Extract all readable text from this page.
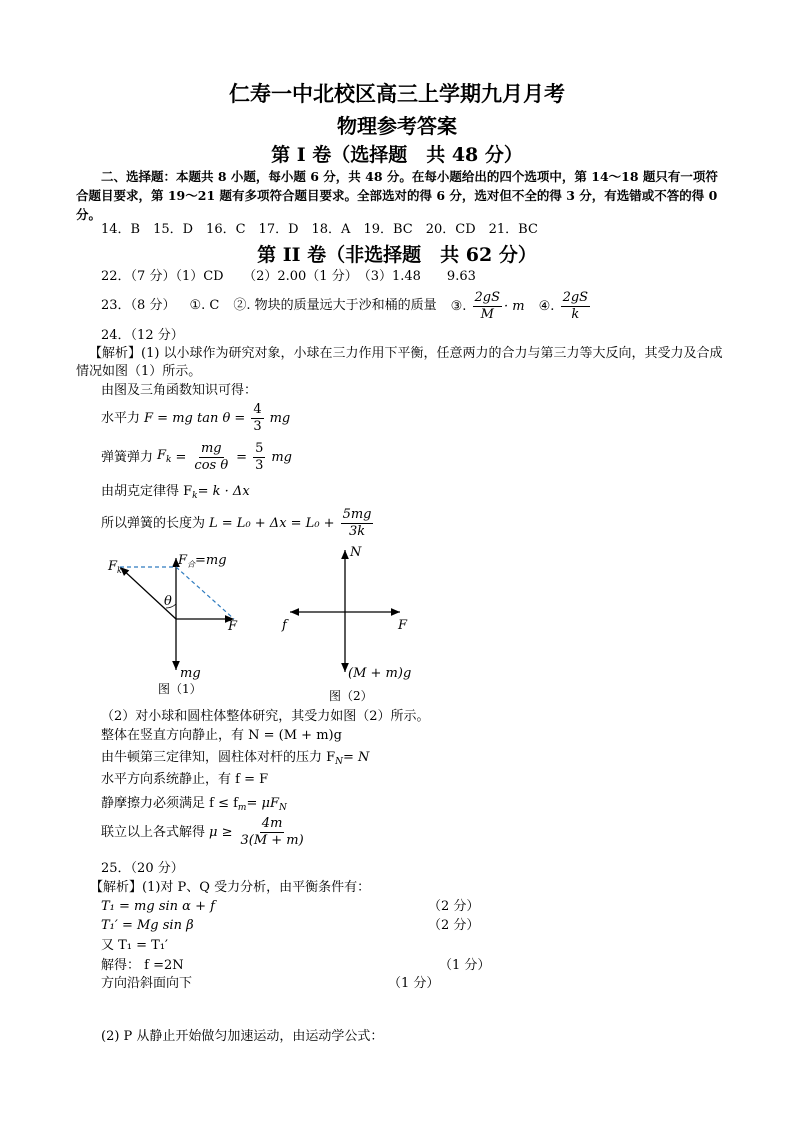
仁寿一中北校区高三上学期九月月考
物理参考答案
第 I 卷（选择题　共 48 分）
二、选择题：本题共 8 小题，每小题 6 分，共 48 分。在每小题给出的四个选项中，第 14～18 题只有一项符合题目要求，第 19～21 题有多项符合题目要求。全部选对的得 6 分，选对但不全的得 3 分，有选错或不答的得 0 分。
14．B　15．D　16．C　17．D　18．A　19．BC　20．CD　21．BC
第 II 卷（非选择题　共 62 分）
22．（7 分）（1）CD　　（2）2.00（1 分）　（3）1.48　　9.63
23．（8 分） ①. C ②. 物块的质量远大于沙和桶的质量 ③. $\frac{2gS}{M} \cdot m$ ④. $\frac{2gS}{k}$
24．（12 分）
【解析】(1) 以小球作为研究对象，小球在三力作用下平衡，任意两力的合力与第三力等大反向，其受力及合成情况如图（1）所示。
由图及三角函数知识可得：
水平力 F = mg $\tan \theta = \frac{4}{3}$ mg
弹簧弹力 $F_k = \frac{mg}{\text{cos θ}} = \frac{5}{3}$ mg
由胡克定律得 $F_k= k \cdot \Delta x$
所以弹簧的长度为 $L = L_0 + \Delta x = L_0 + \frac{5mg}{3k}$
$F_k$
$F_合=mg$
θ
F
mg
图（1）
N
f	F
(M + m)g
图（2）
（2）对小球和圆柱体整体研究，其受力如图（2）所示。
整体在竖直方向静止，有 N = (M + m)g
由牛顿第三定律知，圆柱体对杆的压力 $F_N= N$
水平方向系统静止，有 f = F
静摩擦力必须满足 $f \le f_m= \mu F_N$
联立以上各式解得 $\mu \ge \frac{4m}{3(M + m)}$
25．（20 分）
【解析】(1)对 P、Q 受力分析，由平衡条件有：
T₁ = mg sin α + f	（2 分）
T₁′ = Mg sin β	（2 分）
又 T₁ = T₁′
解得： f =2N	（1 分）
方向沿斜面向下	（1 分）
(2) P 从静止开始做匀加速运动，由运动学公式：
